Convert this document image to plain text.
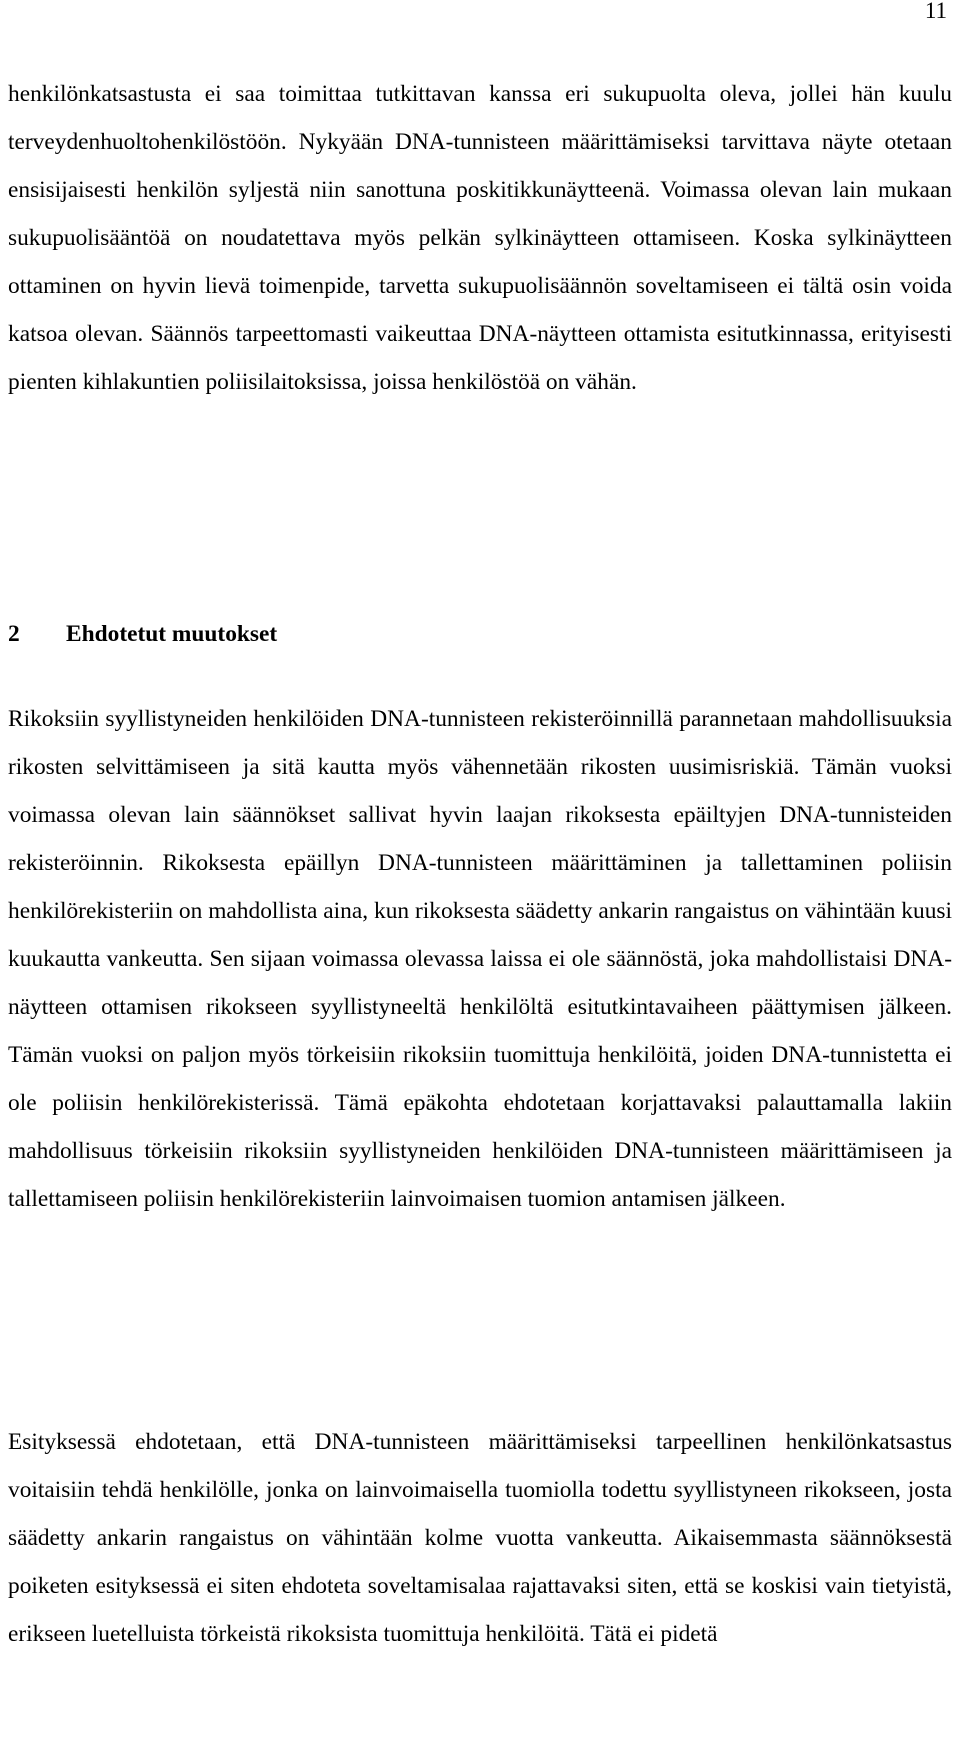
11

henkilönkatsastusta ei saa toimittaa tutkittavan kanssa eri sukupuolta oleva, jollei hän kuulu terveydenhuoltohenkilöstöön. Nykyään DNA-tunnisteen määrittämiseksi tarvittava näyte otetaan ensisijaisesti henkilön syljestä niin sanottuna poskitikkunäytteenä. Voimassa olevan lain mukaan sukupuolisääntöä on noudatettava myös pelkän sylkinäytteen ottamiseen. Koska sylkinäytteen ottaminen on hyvin lievä toimenpide, tarvetta sukupuolisäännön soveltamiseen ei tältä osin voida katsoa olevan. Säännös tarpeettomasti vaikeuttaa DNA-näytteen ottamista esitutkinnassa, erityisesti pienten kihlakuntien poliisilaitoksissa, joissa henkilöstöä on vähän.

2 Ehdotetut muutokset

Rikoksiin syyllistyneiden henkilöiden DNA-tunnisteen rekisteröinnillä parannetaan mahdollisuuksia rikosten selvittämiseen ja sitä kautta myös vähennetään rikosten uusimisriskiä. Tämän vuoksi voimassa olevan lain säännökset sallivat hyvin laajan rikoksesta epäiltyjen DNA-tunnisteiden rekisteröinnin. Rikoksesta epäillyn DNA-tunnisteen määrittäminen ja tallettaminen poliisin henkilörekisteriin on mahdollista aina, kun rikoksesta säädetty ankarin rangaistus on vähintään kuusi kuukautta vankeutta. Sen sijaan voimassa olevassa laissa ei ole säännöstä, joka mahdollistaisi DNA-näytteen ottamisen rikokseen syyllistyneeltä henkilöltä esitutkintavaiheen päättymisen jälkeen. Tämän vuoksi on paljon myös törkeisiin rikoksiin tuomittuja henkilöitä, joiden DNA-tunnistetta ei ole poliisin henkilörekisterissä. Tämä epäkohta ehdotetaan korjattavaksi palauttamalla lakiin mahdollisuus törkeisiin rikoksiin syyllistyneiden henkilöiden DNA-tunnisteen määrittämiseen ja tallettamiseen poliisin henkilörekisteriin lainvoimaisen tuomion antamisen jälkeen.

Esityksessä ehdotetaan, että DNA-tunnisteen määrittämiseksi tarpeellinen henkilönkatsastus voitaisiin tehdä henkilölle, jonka on lainvoimaisella tuomiolla todettu syyllistyneen rikokseen, josta säädetty ankarin rangaistus on vähintään kolme vuotta vankeutta. Aikaisemmasta säännöksestä poiketen esityksessä ei siten ehdoteta soveltamisalaa rajattavaksi siten, että se koskisi vain tietyistä, erikseen luetelluista törkeistä rikoksista tuomittuja henkilöitä. Tätä ei pidetä
